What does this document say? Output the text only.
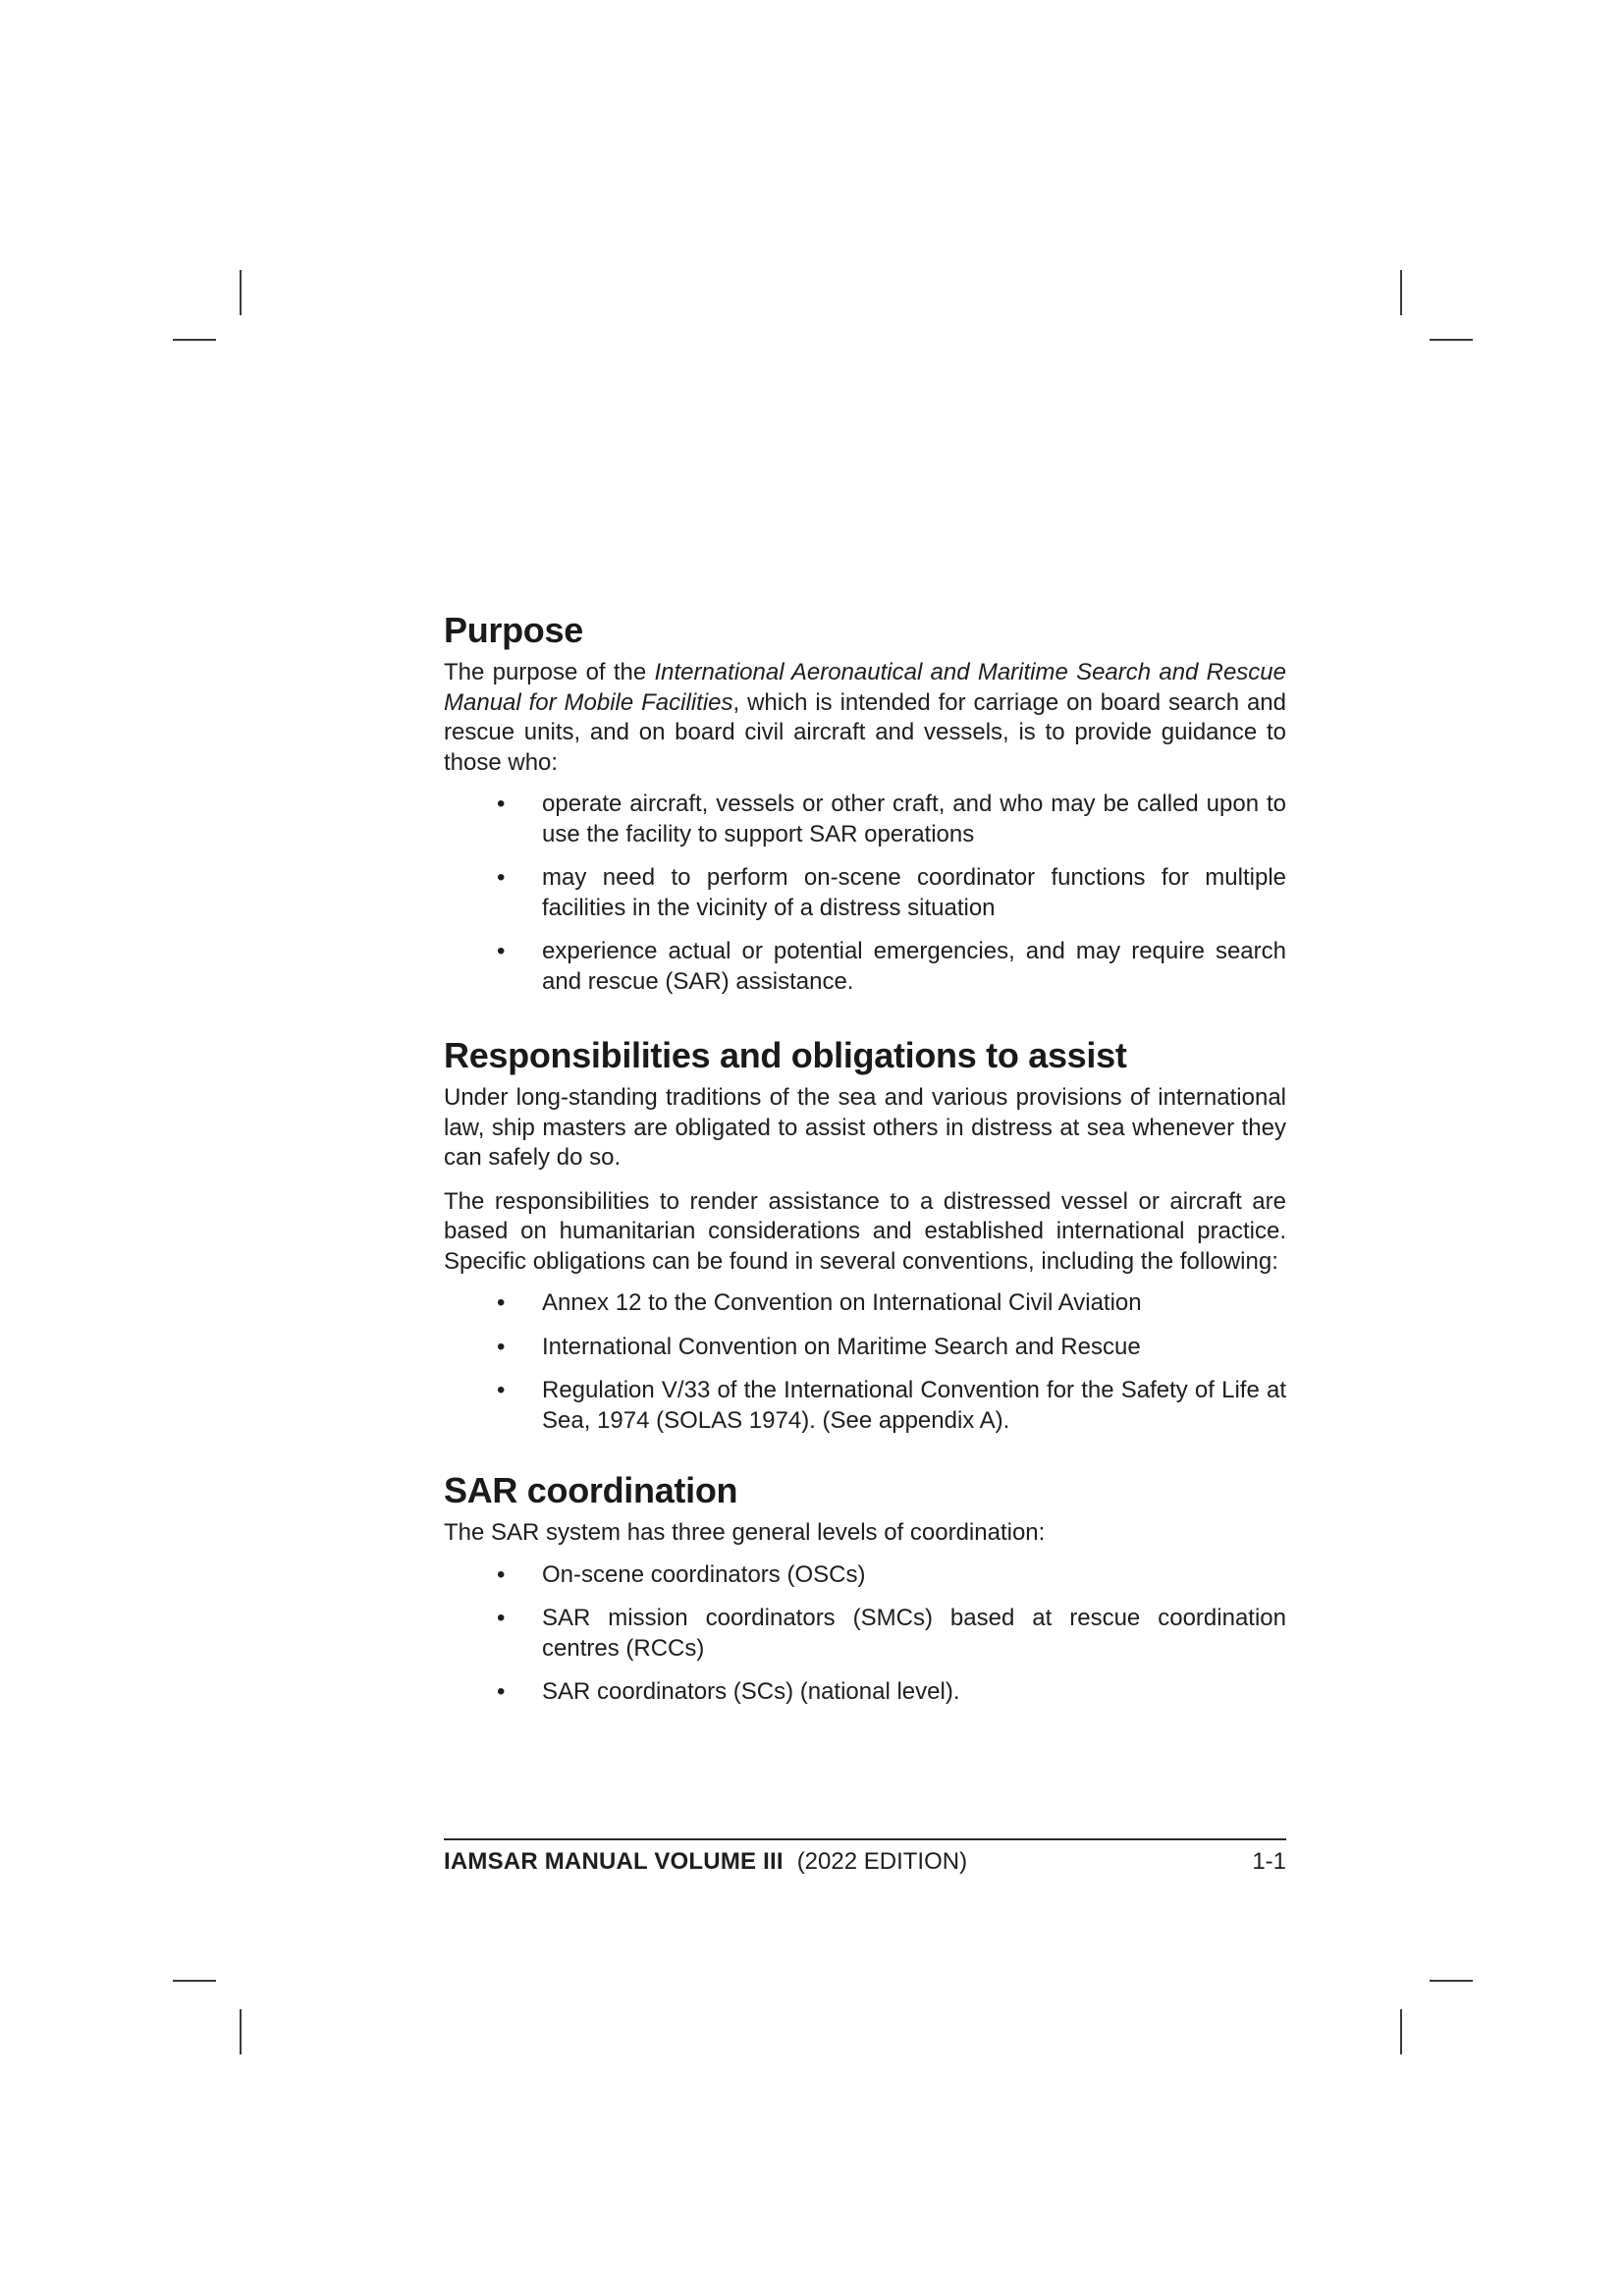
Purpose

The purpose of the International Aeronautical and Maritime Search and Rescue Manual for Mobile Facilities, which is intended for carriage on board search and rescue units, and on board civil aircraft and vessels, is to provide guidance to those who:

• operate aircraft, vessels or other craft, and who may be called upon to use the facility to support SAR operations
• may need to perform on-scene coordinator functions for multiple facilities in the vicinity of a distress situation
• experience actual or potential emergencies, and may require search and rescue (SAR) assistance.
Responsibilities and obligations to assist

Under long-standing traditions of the sea and various provisions of international law, ship masters are obligated to assist others in distress at sea whenever they can safely do so.

The responsibilities to render assistance to a distressed vessel or aircraft are based on humanitarian considerations and established international practice. Specific obligations can be found in several conventions, including the following:

• Annex 12 to the Convention on International Civil Aviation
• International Convention on Maritime Search and Rescue
• Regulation V/33 of the International Convention for the Safety of Life at Sea, 1974 (SOLAS 1974). (See appendix A).
SAR coordination

The SAR system has three general levels of coordination:

• On-scene coordinators (OSCs)
• SAR mission coordinators (SMCs) based at rescue coordination centres (RCCs)
• SAR coordinators (SCs) (national level).
IAMSAR MANUAL VOLUME III (2022 EDITION)	1-1
